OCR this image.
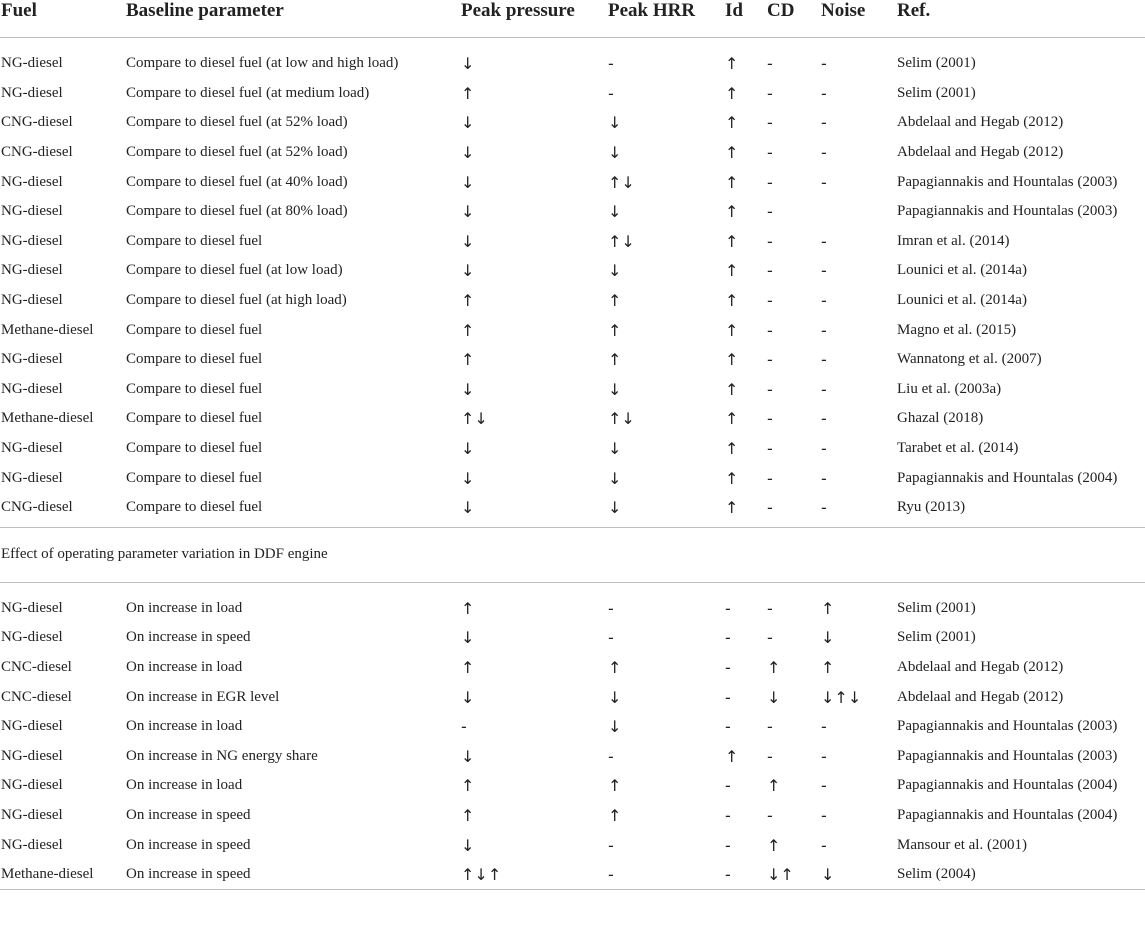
Fuel	Baseline parameter	Peak pressure	Peak HRR	Id	CD	Noise	Ref.

NG-diesel	Compare to diesel fuel (at low and high load)	↓	-	↑	-	-	Selim (2001)
NG-diesel	Compare to diesel fuel (at medium load)	↑	-	↑	-	-	Selim (2001)
CNG-diesel	Compare to diesel fuel (at 52% load)	↓	↓	↑	-	-	Abdelaal and Hegab (2012)
CNG-diesel	Compare to diesel fuel (at 52% load)	↓	↓	↑	-	-	Abdelaal and Hegab (2012)
NG-diesel	Compare to diesel fuel (at 40% load)	↓	↑↓	↑	-	-	Papagiannakis and Hountalas (2003)
NG-diesel	Compare to diesel fuel (at 80% load)	↓	↓	↑	-		Papagiannakis and Hountalas (2003)
NG-diesel	Compare to diesel fuel	↓	↑↓	↑	-	-	Imran et al. (2014)
NG-diesel	Compare to diesel fuel (at low load)	↓	↓	↑	-	-	Lounici et al. (2014a)
NG-diesel	Compare to diesel fuel (at high load)	↑	↑	↑	-	-	Lounici et al. (2014a)
Methane-diesel	Compare to diesel fuel	↑	↑	↑	-	-	Magno et al. (2015)
NG-diesel	Compare to diesel fuel	↑	↑	↑	-	-	Wannatong et al. (2007)
NG-diesel	Compare to diesel fuel	↓	↓	↑	-	-	Liu et al. (2003a)
Methane-diesel	Compare to diesel fuel	↑↓	↑↓	↑	-	-	Ghazal (2018)
NG-diesel	Compare to diesel fuel	↓	↓	↑	-	-	Tarabet et al. (2014)
NG-diesel	Compare to diesel fuel	↓	↓	↑	-	-	Papagiannakis and Hountalas (2004)
CNG-diesel	Compare to diesel fuel	↓	↓	↑	-	-	Ryu (2013)

Effect of operating parameter variation in DDF engine							

NG-diesel	On increase in load	↑	-	-	-	↑	Selim (2001)
NG-diesel	On increase in speed	↓	-	-	-	↓	Selim (2001)
CNC-diesel	On increase in load	↑	↑	-	↑	↑	Abdelaal and Hegab (2012)
CNC-diesel	On increase in EGR level	↓	↓	-	↓	↓↑↓	Abdelaal and Hegab (2012)
NG-diesel	On increase in load	-	↓	-	-	-	Papagiannakis and Hountalas (2003)
NG-diesel	On increase in NG energy share	↓	-	↑	-	-	Papagiannakis and Hountalas (2003)
NG-diesel	On increase in load	↑	↑	-	↑	-	Papagiannakis and Hountalas (2004)
NG-diesel	On increase in speed	↑	↑	-	-	-	Papagiannakis and Hountalas (2004)
NG-diesel	On increase in speed	↓	-	-	↑	-	Mansour et al. (2001)
Methane-diesel	On increase in speed	↑↓↑	-	-	↓↑	↓	Selim (2004)
